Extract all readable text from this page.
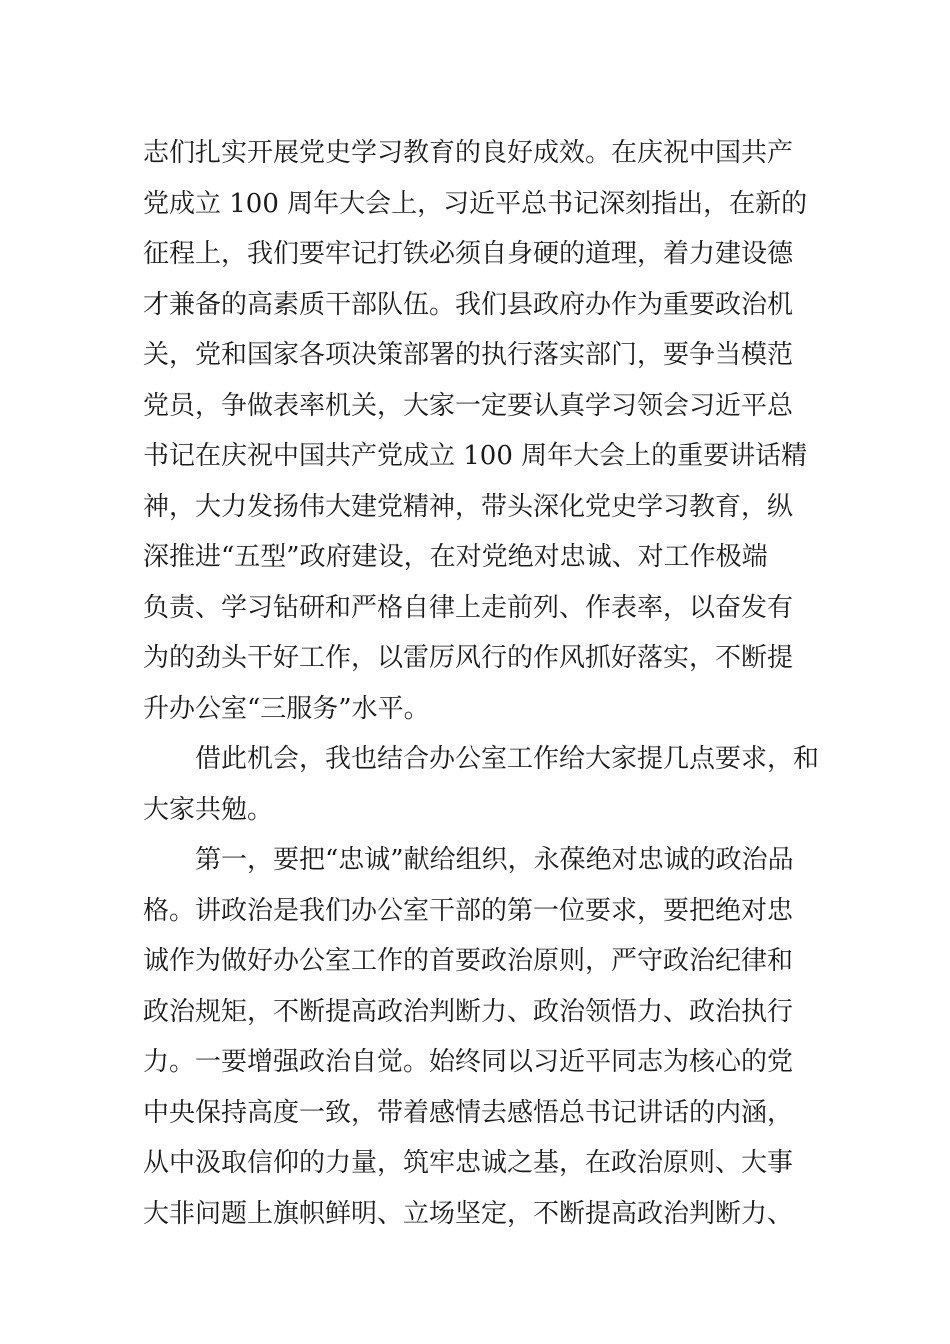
志们扎实开展党史学习教育的良好成效。在庆祝中国共产
党成立 100 周年大会上，习近平总书记深刻指出，在新的
征程上，我们要牢记打铁必须自身硬的道理，着力建设德
才兼备的高素质干部队伍。我们县政府办作为重要政治机
关，党和国家各项决策部署的执行落实部门，要争当模范
党员，争做表率机关，大家一定要认真学习领会习近平总
书记在庆祝中国共产党成立 100 周年大会上的重要讲话精
神，大力发扬伟大建党精神，带头深化党史学习教育，纵
深推进“五型”政府建设，在对党绝对忠诚、对工作极端
负责、学习钻研和严格自律上走前列、作表率，以奋发有
为的劲头干好工作，以雷厉风行的作风抓好落实，不断提
升办公室“三服务”水平。
　　借此机会，我也结合办公室工作给大家提几点要求，和
大家共勉。
　　第一，要把“忠诚”献给组织，永葆绝对忠诚的政治品
格。讲政治是我们办公室干部的第一位要求，要把绝对忠
诚作为做好办公室工作的首要政治原则，严守政治纪律和
政治规矩，不断提高政治判断力、政治领悟力、政治执行
力。一要增强政治自觉。始终同以习近平同志为核心的党
中央保持高度一致，带着感情去感悟总书记讲话的内涵，
从中汲取信仰的力量，筑牢忠诚之基，在政治原则、大事
大非问题上旗帜鲜明、立场坚定，不断提高政治判断力、
